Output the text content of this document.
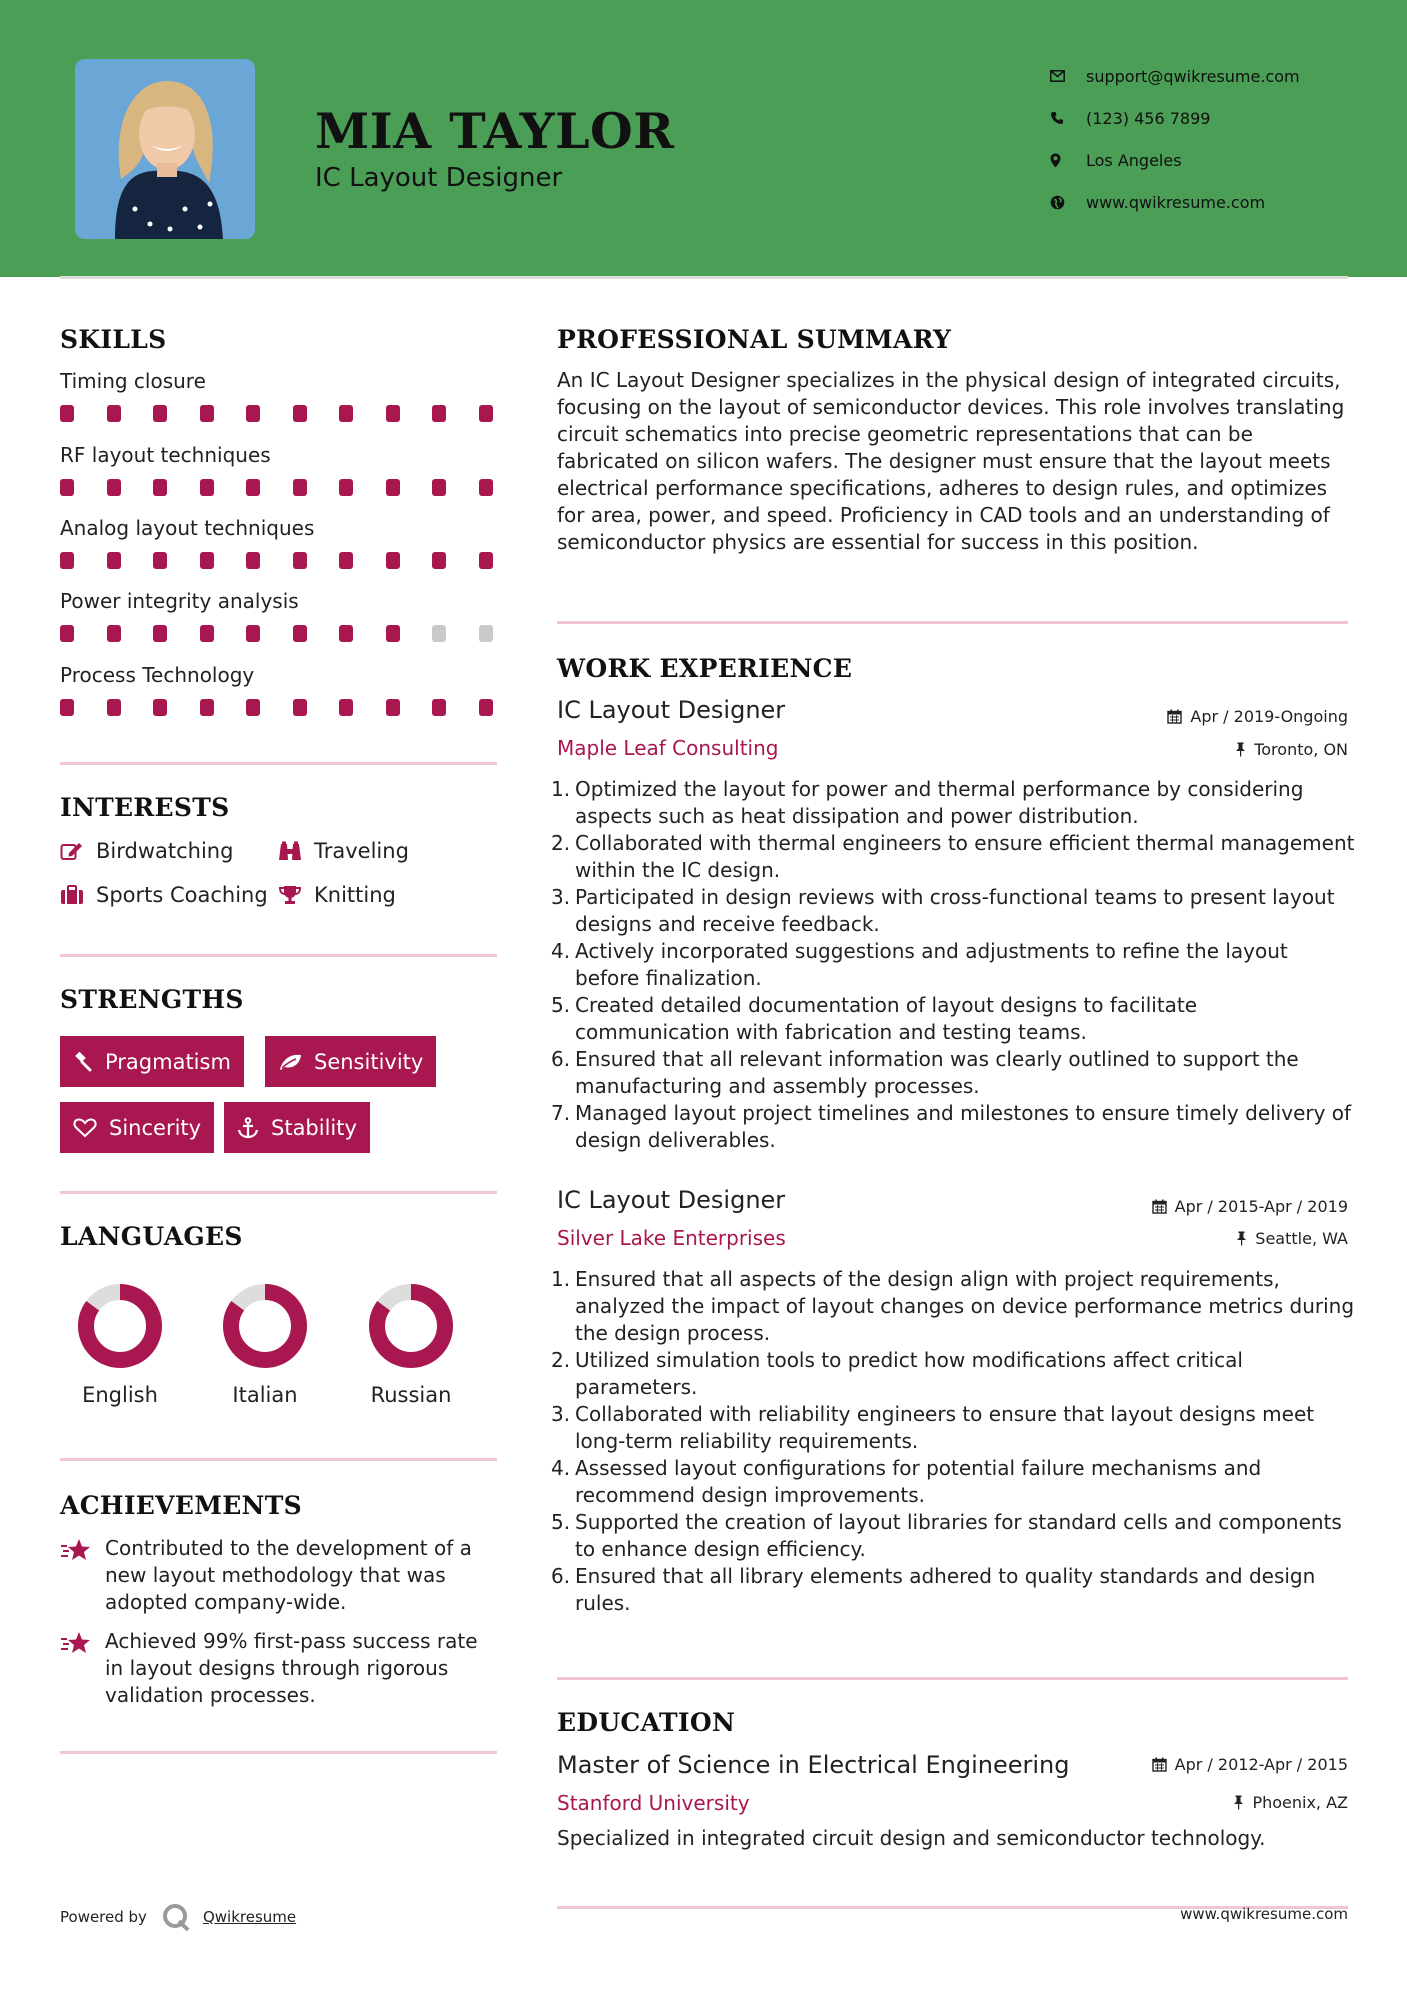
MIA TAYLOR
IC Layout Designer
support@qwikresume.com
(123) 456 7899
Los Angeles
www.qwikresume.com
SKILLS
Timing closure
RF layout techniques
Analog layout techniques
Power integrity analysis
Process Technology
INTERESTS
Birdwatching	Traveling
Sports Coaching Knitting
STRENGTHS
Pragmatism	Sensitivity
Sincerity	Stability
LANGUAGES
English	Italian	Russian
ACHIEVEMENTS
Contributed to the development of a new layout methodology that was adopted company-wide.
Achieved 99% first-pass success rate in layout designs through rigorous validation processes.
PROFESSIONAL SUMMARY
An IC Layout Designer specializes in the physical design of integrated circuits, focusing on the layout of semiconductor devices. This role involves translating circuit schematics into precise geometric representations that can be fabricated on silicon wafers. The designer must ensure that the layout meets electrical performance specifications, adheres to design rules, and optimizes for area, power, and speed. Proficiency in CAD tools and an understanding of semiconductor physics are essential for success in this position.
WORK EXPERIENCE
IC Layout Designer	Apr / 2019-Ongoing
Maple Leaf Consulting	Toronto, ON
Optimized the layout for power and thermal performance by considering aspects such as heat dissipation and power distribution.
Collaborated with thermal engineers to ensure efficient thermal management within the IC design.
Participated in design reviews with cross-functional teams to present layout designs and receive feedback.
Actively incorporated suggestions and adjustments to refine the layout before finalization.
Created detailed documentation of layout designs to facilitate communication with fabrication and testing teams.
Ensured that all relevant information was clearly outlined to support the manufacturing and assembly processes.
Managed layout project timelines and milestones to ensure timely delivery of design deliverables.
IC Layout Designer	Apr / 2015-Apr / 2019
Silver Lake Enterprises	Seattle, WA
Ensured that all aspects of the design align with project requirements, analyzed the impact of layout changes on device performance metrics during the design process.
Utilized simulation tools to predict how modifications affect critical parameters.
Collaborated with reliability engineers to ensure that layout designs meet long-term reliability requirements.
Assessed layout configurations for potential failure mechanisms and recommend design improvements.
Supported the creation of layout libraries for standard cells and components to enhance design efficiency.
Ensured that all library elements adhered to quality standards and design rules.
EDUCATION
Master of Science in Electrical Engineering	Apr / 2012-Apr / 2015
Stanford University	Phoenix, AZ
Specialized in integrated circuit design and semiconductor technology.
Powered by	Qwikresume	www.qwikresume.com
